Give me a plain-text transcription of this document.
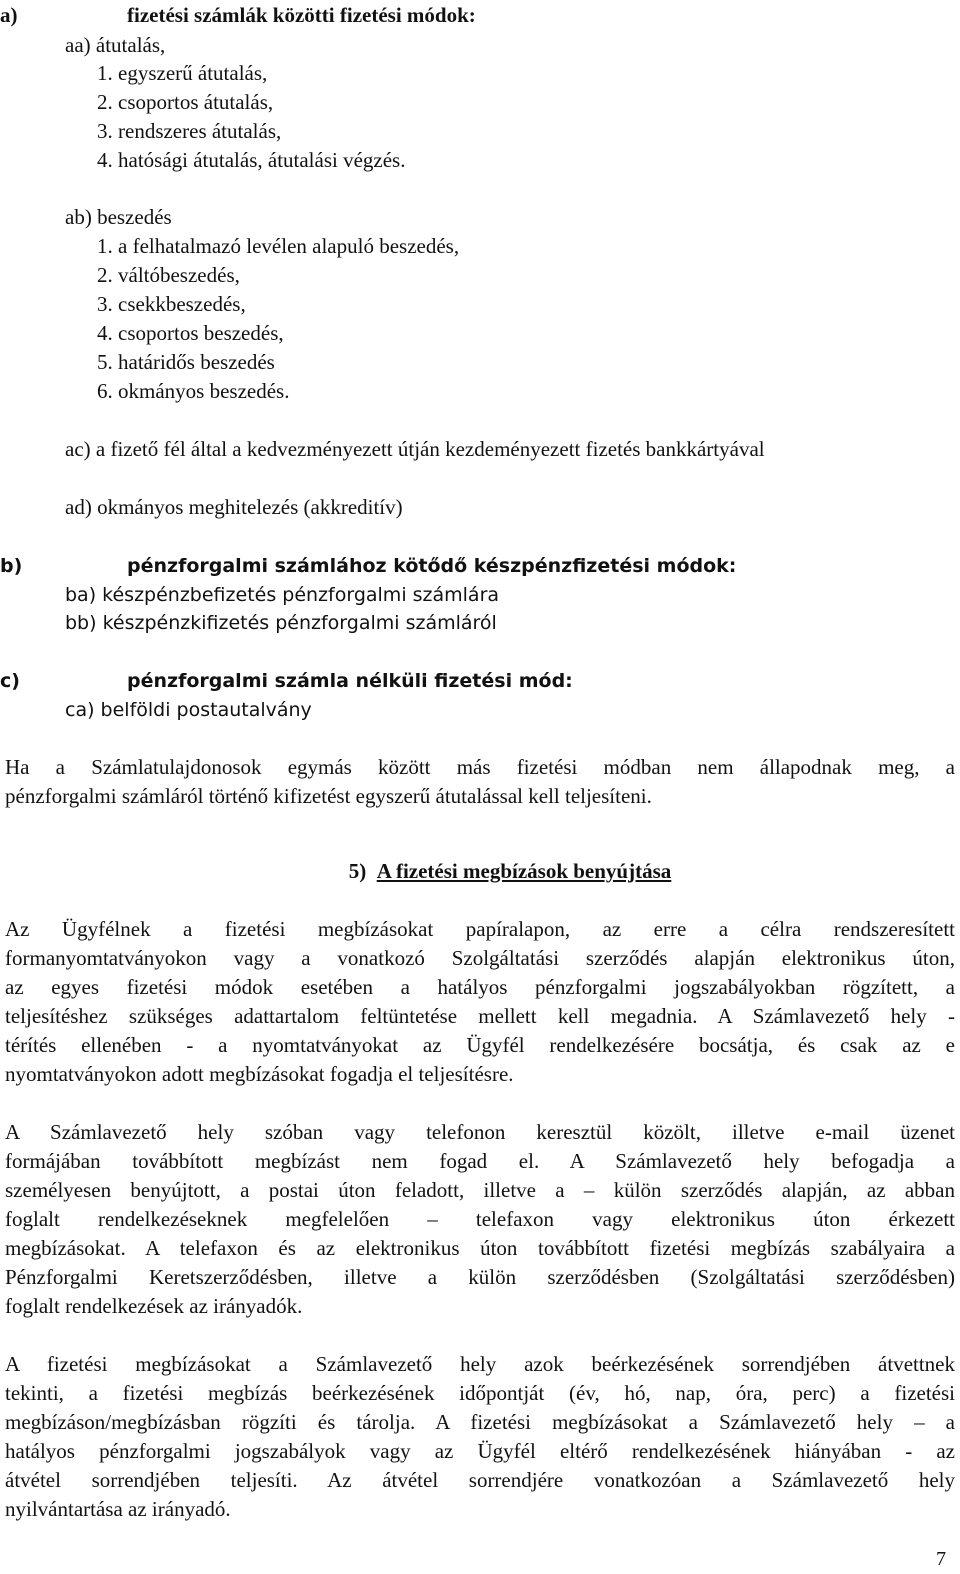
a)	fizetési számlák közötti fizetési módok:
aa) átutalás,
1. egyszerű átutalás,
2. csoportos átutalás,
3. rendszeres átutalás,
4. hatósági átutalás, átutalási végzés.
ab) beszedés
1. a felhatalmazó levélen alapuló beszedés,
2. váltóbeszedés,
3. csekkbeszedés,
4. csoportos beszedés,
5. határidős beszedés
6. okmányos beszedés.
ac) a fizető fél által a kedvezményezett útján kezdeményezett fizetés bankkártyával
ad) okmányos meghitelezés (akkreditív)
b)	pénzforgalmi számlához kötődő készpénzfizetési módok:
ba) készpénzbefizetés pénzforgalmi számlára
bb) készpénzkifizetés pénzforgalmi számláról
c)	pénzforgalmi számla nélküli fizetési mód:
ca) belföldi postautalvány
Ha a Számlatulajdonosok egymás között más fizetési módban nem állapodnak meg, a
pénzforgalmi számláról történő kifizetést egyszerű átutalással kell teljesíteni.
5) A fizetési megbízások benyújtása
Az Ügyfélnek a fizetési megbízásokat papíralapon, az erre a célra rendszeresített
formanyomtatványokon vagy a vonatkozó Szolgáltatási szerződés alapján elektronikus úton,
az egyes fizetési módok esetében a hatályos pénzforgalmi jogszabályokban rögzített, a
teljesítéshez szükséges adattartalom feltüntetése mellett kell megadnia. A Számlavezető hely -
térítés ellenében - a nyomtatványokat az Ügyfél rendelkezésére bocsátja, és csak az e
nyomtatványokon adott megbízásokat fogadja el teljesítésre.
A Számlavezető hely szóban vagy telefonon keresztül közölt, illetve e-mail üzenet
formájában továbbított megbízást nem fogad el. A Számlavezető hely befogadja a
személyesen benyújtott, a postai úton feladott, illetve a – külön szerződés alapján, az abban
foglalt rendelkezéseknek megfelelően – telefaxon vagy elektronikus úton érkezett
megbízásokat. A telefaxon és az elektronikus úton továbbított fizetési megbízás szabályaira a
Pénzforgalmi Keretszerződésben, illetve a külön szerződésben (Szolgáltatási szerződésben)
foglalt rendelkezések az irányadók.
A fizetési megbízásokat a Számlavezető hely azok beérkezésének sorrendjében átvettnek
tekinti, a fizetési megbízás beérkezésének időpontját (év, hó, nap, óra, perc) a fizetési
megbízáson/megbízásban rögzíti és tárolja. A fizetési megbízásokat a Számlavezető hely – a
hatályos pénzforgalmi jogszabályok vagy az Ügyfél eltérő rendelkezésének hiányában - az
átvétel sorrendjében teljesíti. Az átvétel sorrendjére vonatkozóan a Számlavezető hely
nyilvántartása az irányadó.
7
